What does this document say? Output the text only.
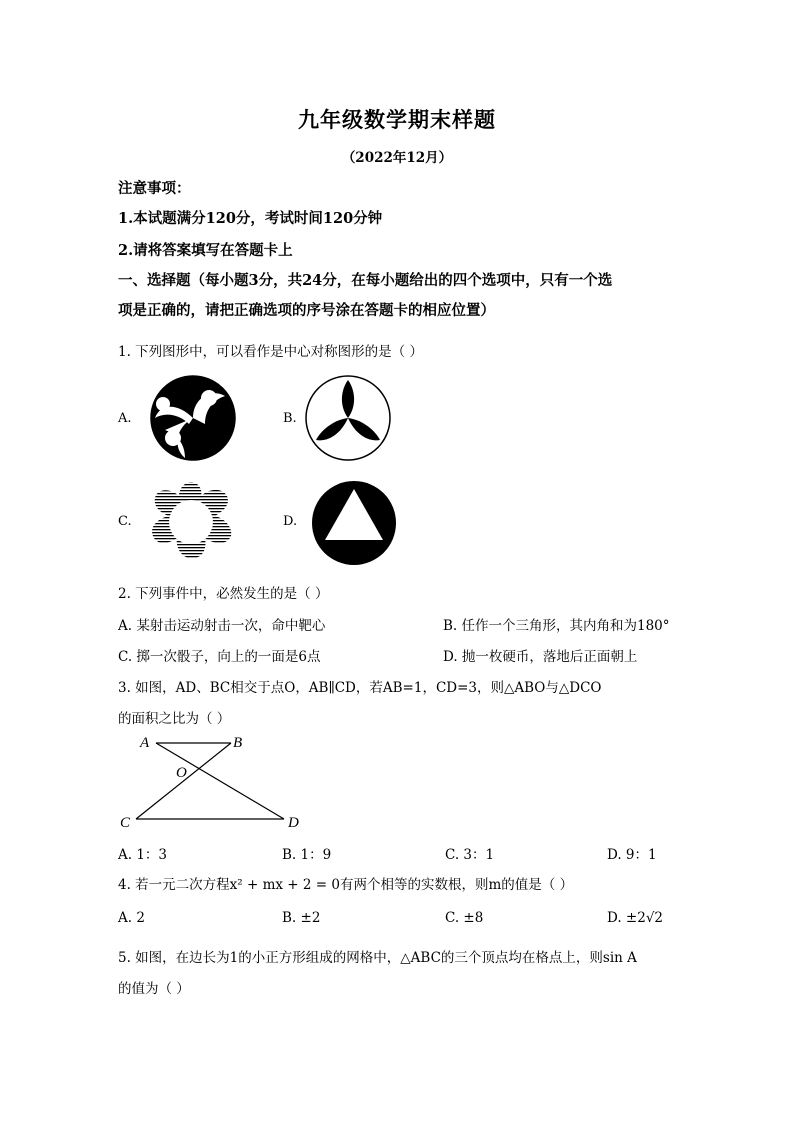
九年级数学期末样题
（2022年12月）
注意事项：
1.本试题满分120分，考试时间120分钟
2.请将答案填写在答题卡上
一、选择题（每小题3分，共24分，在每小题给出的四个选项中，只有一个选
项是正确的，请把正确选项的序号涂在答题卡的相应位置）
1. 下列图形中，可以看作是中心对称图形的是（ ）
A.	B.
C.	D.
2. 下列事件中，必然发生的是（ ）
A. 某射击运动射击一次，命中靶心	B. 任作一个三角形，其内角和为180°
C. 掷一次骰子，向上的一面是6点	D. 抛一枚硬币，落地后正面朝上
3. 如图，AD、BC相交于点O，AB∥CD，若AB=1，CD=3，则△ABO与△DCO
的面积之比为（ ）
A	B
O
C	D
A. 1：3	B. 1：9	C. 3：1	D. 9：1
4. 若一元二次方程x² + mx + 2 = 0有两个相等的实数根，则m的值是（ ）
A. 2	B. ±2	C. ±8	D. ±2√2
5. 如图，在边长为1的小正方形组成的网格中，△ABC的三个顶点均在格点上，则sin A
的值为（ ）
